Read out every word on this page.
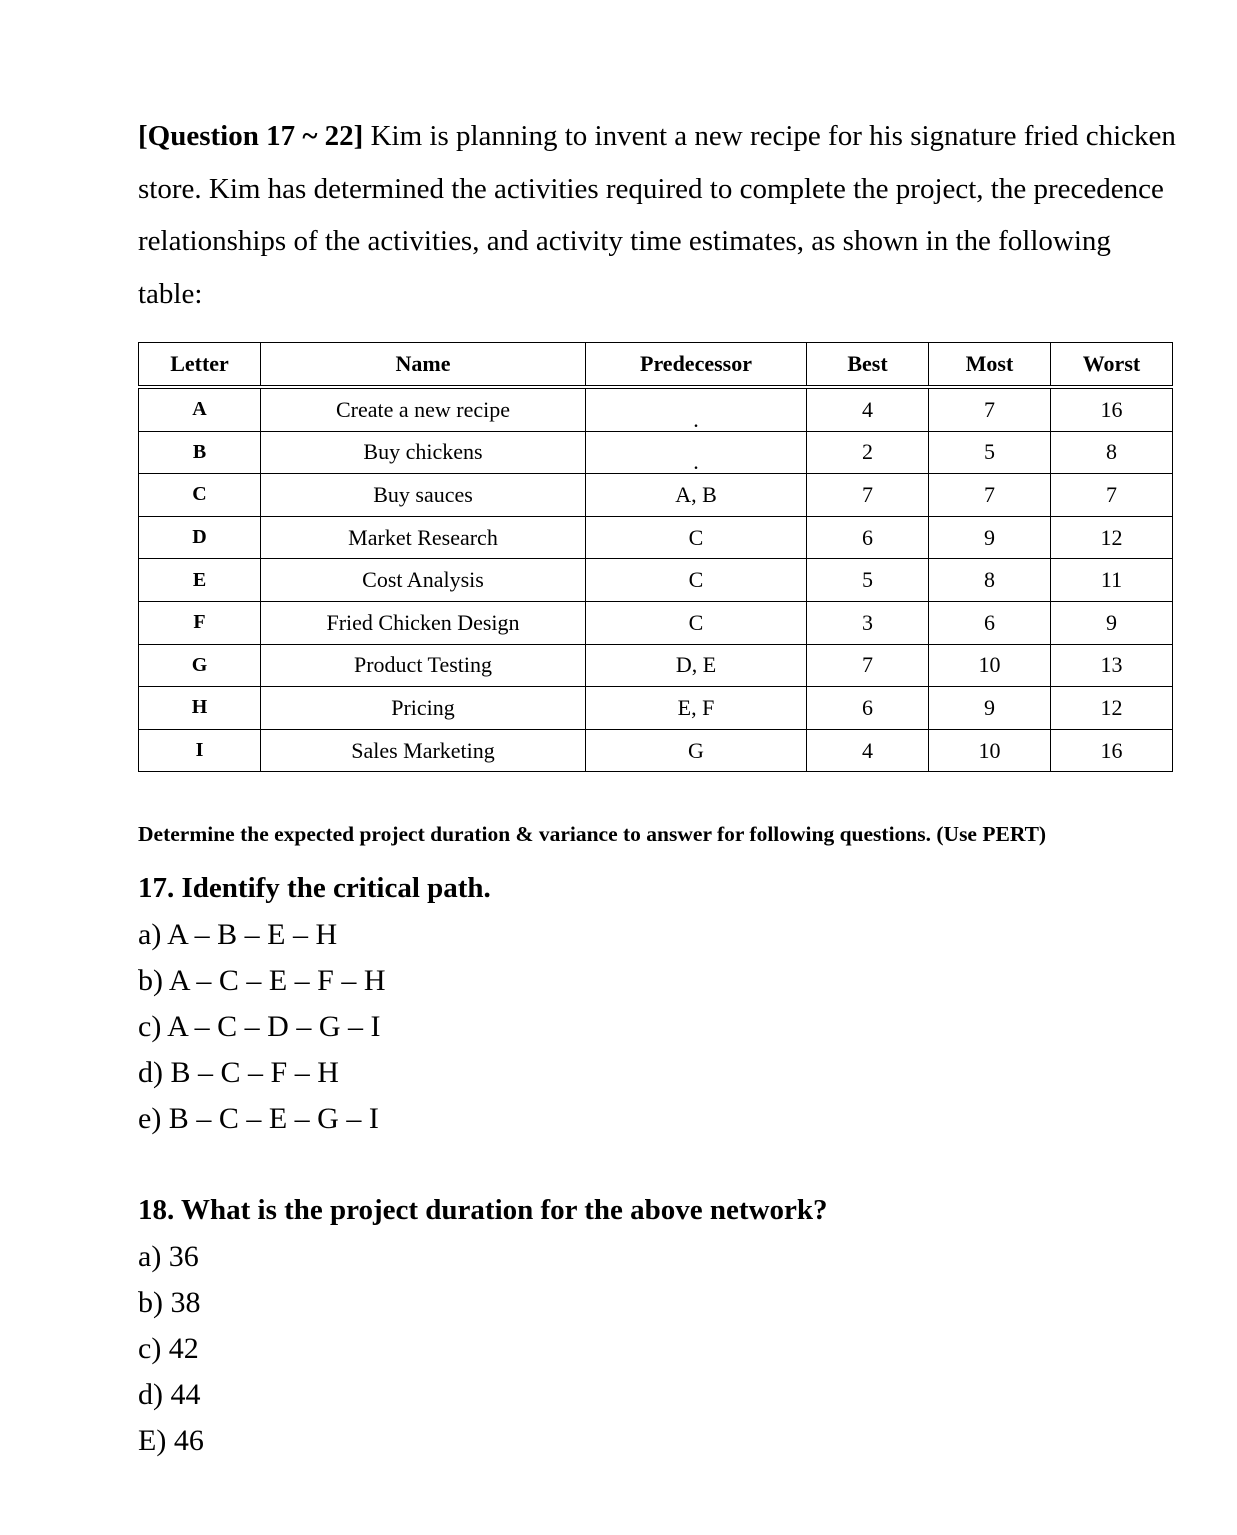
[Question 17 ~ 22] Kim is planning to invent a new recipe for his signature fried chicken store. Kim has determined the activities required to complete the project, the precedence relationships of the activities, and activity time estimates, as shown in the following table:

Letter	Name	Predecessor	Best	Most	Worst
A	Create a new recipe	.	4	7	16
B	Buy chickens	.	2	5	8
C	Buy sauces	A, B	7	7	7
D	Market Research	C	6	9	12
E	Cost Analysis	C	5	8	11
F	Fried Chicken Design	C	3	6	9
G	Product Testing	D, E	7	10	13
H	Pricing	E, F	6	9	12
I	Sales Marketing	G	4	10	16

Determine the expected project duration & variance to answer for following questions. (Use PERT)

17. Identify the critical path.

a) A – B – E – H

b) A – C – E – F – H

c) A – C – D – G – I

d) B – C – F – H

e) B – C – E – G – I

18. What is the project duration for the above network?

a) 36

b) 38

c) 42

d) 44

E) 46
